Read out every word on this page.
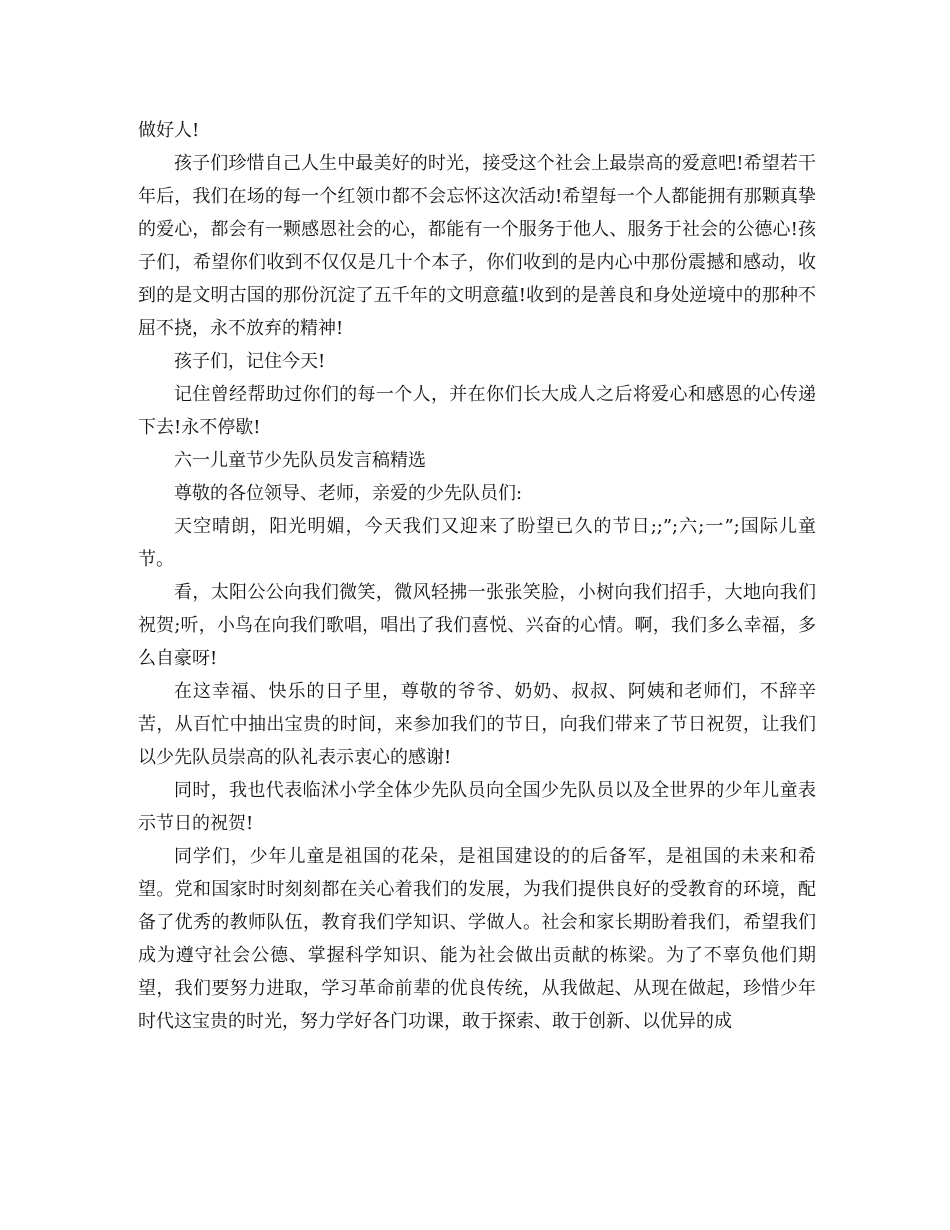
做好人!

孩子们珍惜自己人生中最美好的时光，接受这个社会上最崇高的爱意吧!希望若干年后，我们在场的每一个红领巾都不会忘怀这次活动!希望每一个人都能拥有那颗真挚的爱心，都会有一颗感恩社会的心，都能有一个服务于他人、服务于社会的公德心!孩子们，希望你们收到不仅仅是几十个本子，你们收到的是内心中那份震撼和感动，收到的是文明古国的那份沉淀了五千年的文明意蕴!收到的是善良和身处逆境中的那种不屈不挠，永不放弃的精神!

孩子们，记住今天!

记住曾经帮助过你们的每一个人，并在你们长大成人之后将爱心和感恩的心传递下去!永不停歇!

六一儿童节少先队员发言稿精选

尊敬的各位领导、老师，亲爱的少先队员们:

天空晴朗，阳光明媚，今天我们又迎来了盼望已久的节日;;”;六;一”;国际儿童节。

看，太阳公公向我们微笑，微风轻拂一张张笑脸，小树向我们招手，大地向我们祝贺;听，小鸟在向我们歌唱，唱出了我们喜悦、兴奋的心情。啊，我们多么幸福，多么自豪呀!

在这幸福、快乐的日子里，尊敬的爷爷、奶奶、叔叔、阿姨和老师们，不辞辛苦，从百忙中抽出宝贵的时间，来参加我们的节日，向我们带来了节日祝贺，让我们以少先队员崇高的队礼表示衷心的感谢!

同时，我也代表临沭小学全体少先队员向全国少先队员以及全世界的少年儿童表示节日的祝贺!

同学们，少年儿童是祖国的花朵，是祖国建设的的后备军，是祖国的未来和希望。党和国家时时刻刻都在关心着我们的发展，为我们提供良好的受教育的环境，配备了优秀的教师队伍，教育我们学知识、学做人。社会和家长期盼着我们，希望我们成为遵守社会公德、掌握科学知识、能为社会做出贡献的栋梁。为了不辜负他们期望，我们要努力进取，学习革命前辈的优良传统，从我做起、从现在做起，珍惜少年时代这宝贵的时光，努力学好各门功课，敢于探索、敢于创新、以优异的成
